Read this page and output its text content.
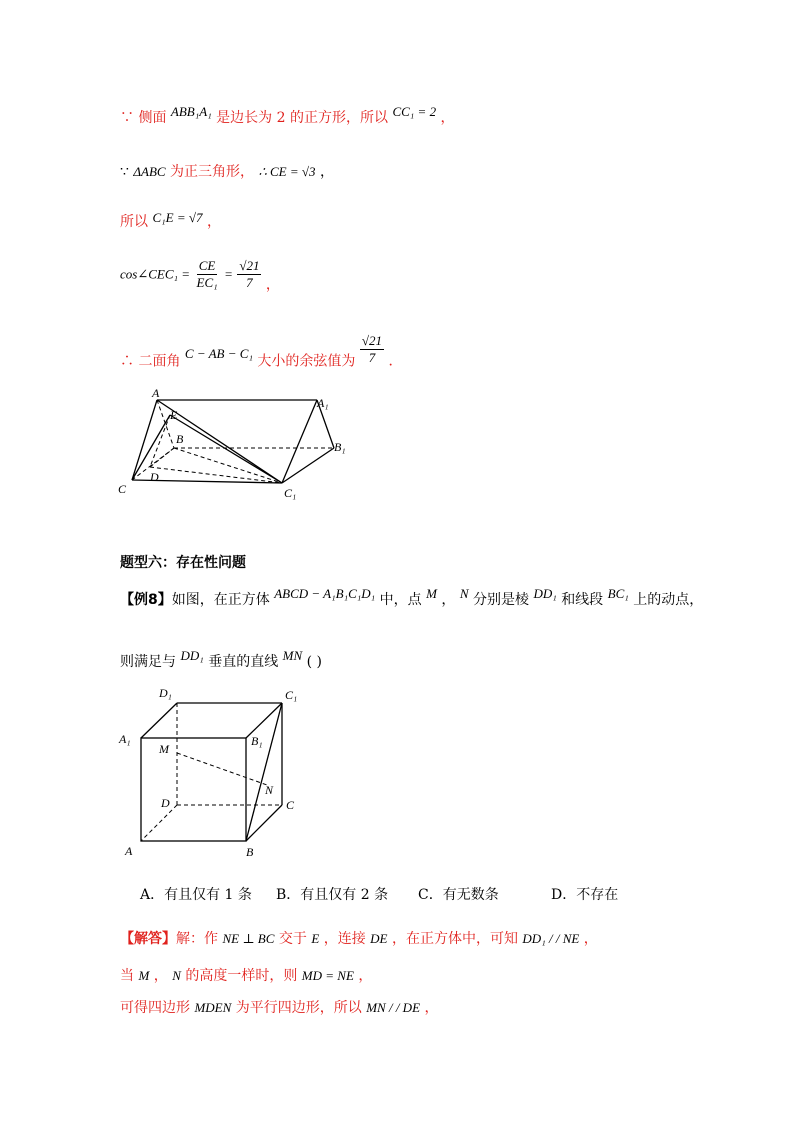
∵ 侧面 ABB₁A₁ 是边长为 2 的正方形，所以 CC₁ = 2 ，
∵ ΔABC 为正三角形， ∴ CE = √3 ，
所以 C₁E = √7 ，
cos∠CEC₁ = $\frac{CE}{\text{EC₁}} = \frac{√21}{7}$ ，
∴ 二面角 C − AB − C₁ 大小的余弦值为 $\frac{√21}{7}$ ．
A
A₁
E
B
B₁
C	C₁
D
题型六：存在性问题
【例8】如图，在正方体 ABCD − A₁B₁C₁D₁ 中，点 M ， N 分别是棱 DD₁ 和线段 BC₁ 上的动点，
则满足与 DD₁ 垂直的直线 MN ( )
D₁	C₁
A₁	B₁
M
N
D	C
A	B
A．有且仅有 1 条 B．有且仅有 2 条 C．有无数条	D．不存在
【解答】解：作 NE ⊥ BC 交于 E ，连接 DE ，在正方体中，可知 DD₁ / / NE ，
当 M ， N 的高度一样时，则 MD = NE ，
可得四边形 MDEN 为平行四边形，所以 MN / / DE ，
